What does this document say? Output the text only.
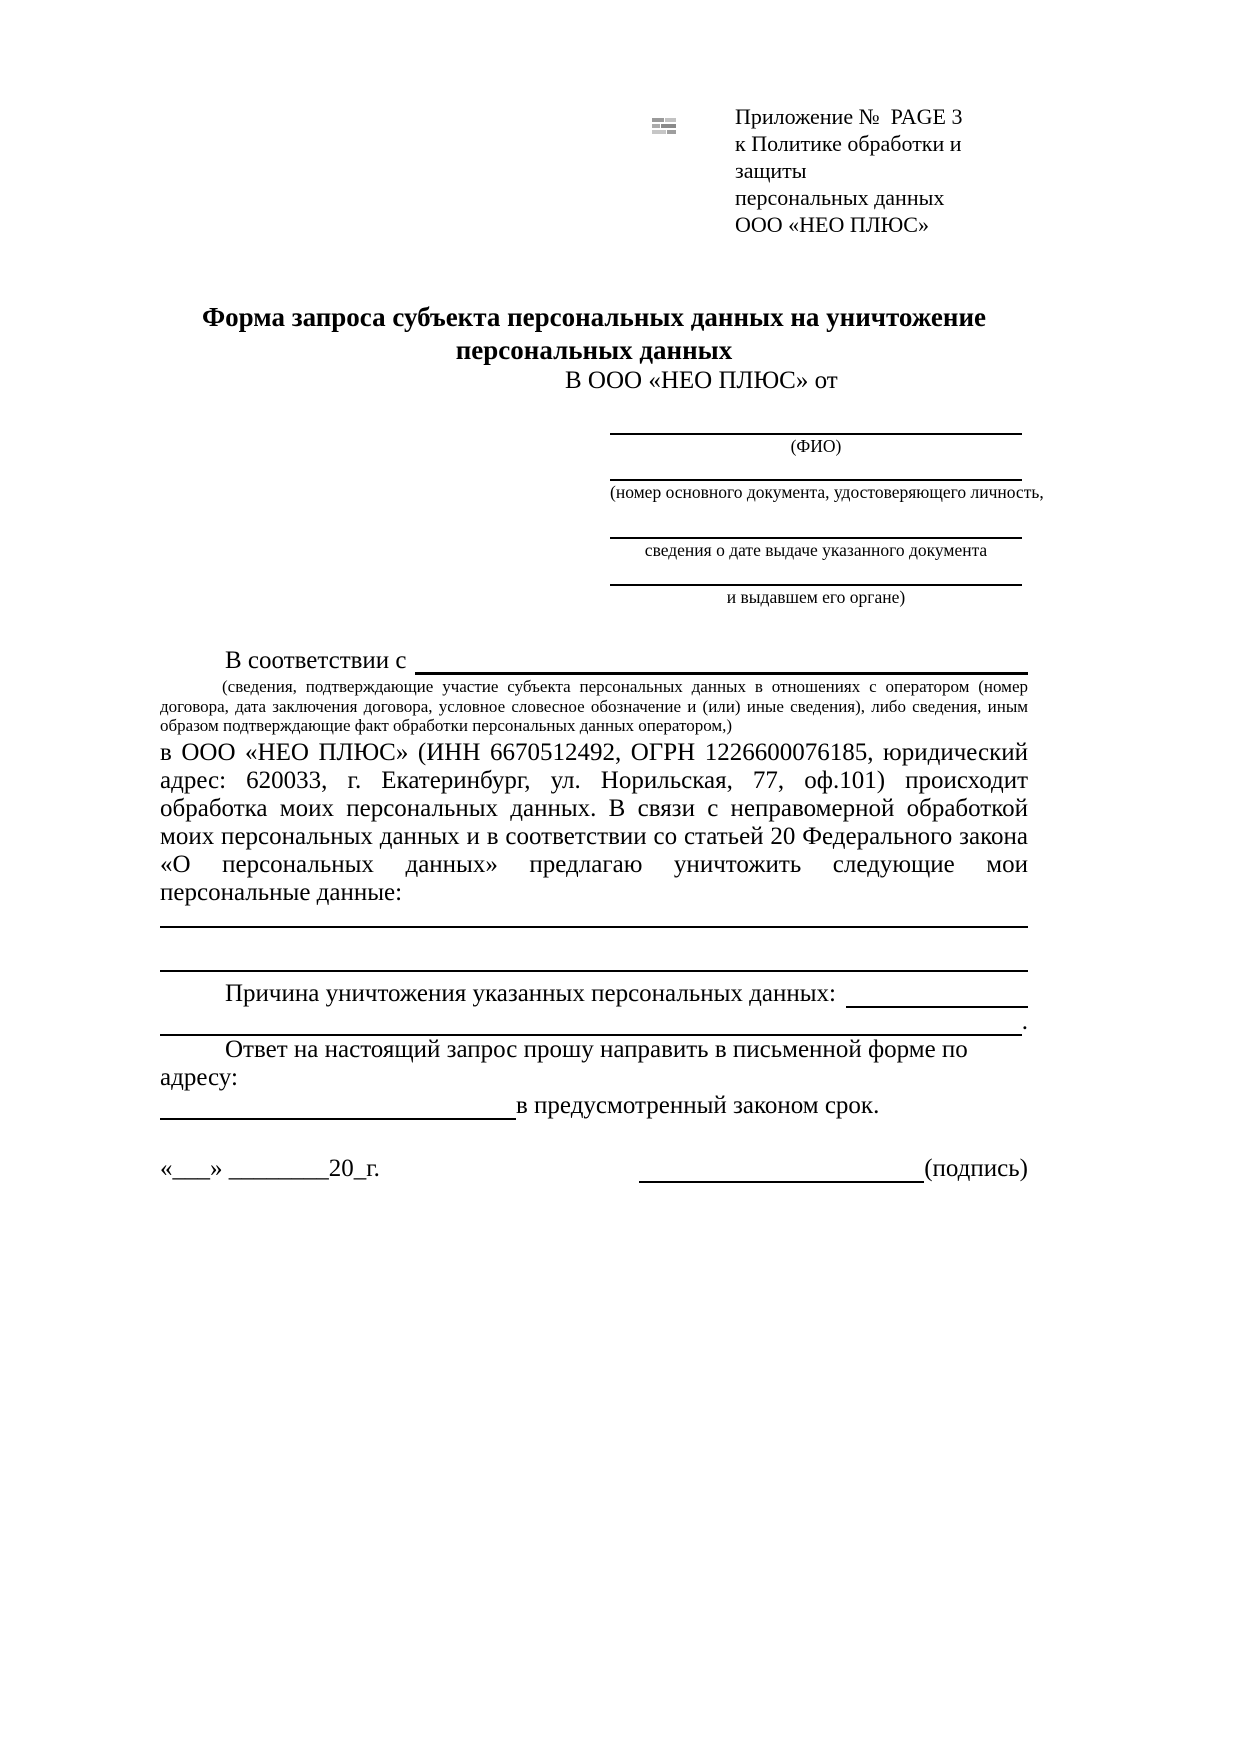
Приложение №  PAGE 3
к Политике обработки и защиты
персональных данных
ООО «НЕО ПЛЮС»
Форма запроса субъекта персональных данных на уничтожение
персональных данных
В ООО «НЕО ПЛЮС» от
(ФИО)
(номер основного документа, удостоверяющего личность,
сведения о дате выдаче указанного документа
и выдавшем его органе)
В соответствии с
(сведения, подтверждающие участие субъекта персональных данных в отношениях с оператором (номер договора, дата заключения договора, условное словесное обозначение и (или) иные сведения), либо сведения, иным образом подтверждающие факт обработки персональных данных оператором,)
в ООО «НЕО ПЛЮС» (ИНН 6670512492, ОГРН 1226600076185, юридический адрес: 620033, г. Екатеринбург, ул. Норильская, 77, оф.101) происходит обработка моих персональных данных. В связи с неправомерной обработкой моих персональных данных и в соответствии со статьей 20 Федерального закона «О персональных данных» предлагаю уничтожить следующие мои персональные данные:
Причина уничтожения указанных персональных данных:
.
Ответ на настоящий запрос прошу направить в письменной форме по адресу:
в предусмотренный законом срок.
«___» ________20_г.	(подпись)
